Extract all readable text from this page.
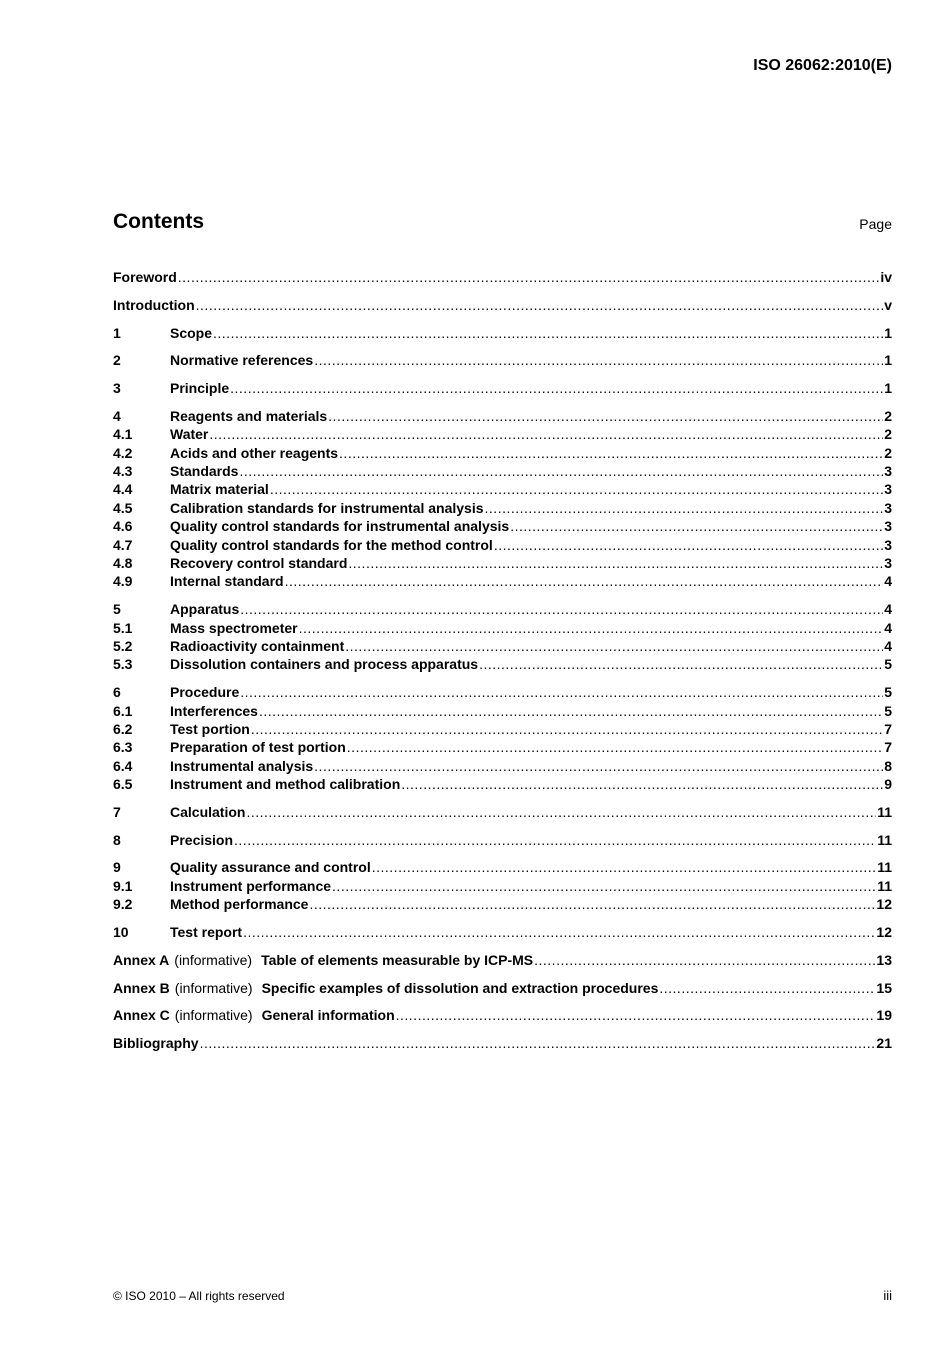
ISO 26062:2010(E)
Contents	Page
Foreword .....	iv
Introduction .....	v
1	Scope .....	1
2	Normative references .....	1
3	Principle .....	1
4	Reagents and materials .....	2
4.1	Water .....	2
4.2	Acids and other reagents .....	2
4.3	Standards .....	3
4.4	Matrix material .....	3
4.5	Calibration standards for instrumental analysis .....	3
4.6	Quality control standards for instrumental analysis .....	3
4.7	Quality control standards for the method control .....	3
4.8	Recovery control standard .....	3
4.9	Internal standard .....	4
5	Apparatus .....	4
5.1	Mass spectrometer .....	4
5.2	Radioactivity containment .....	4
5.3	Dissolution containers and process apparatus .....	5
6	Procedure .....	5
6.1	Interferences .....	5
6.2	Test portion .....	7
6.3	Preparation of test portion .....	7
6.4	Instrumental analysis .....	8
6.5	Instrument and method calibration .....	9
7	Calculation .....	11
8	Precision .....	11
9	Quality assurance and control .....	11
9.1	Instrument performance .....	11
9.2	Method performance .....	12
10	Test report .....	12
Annex A (informative) Table of elements measurable by ICP-MS .....	13
Annex B (informative) Specific examples of dissolution and extraction procedures .....	15
Annex C (informative) General information .....	19
Bibliography .....	21
© ISO 2010 – All rights reserved	iii
